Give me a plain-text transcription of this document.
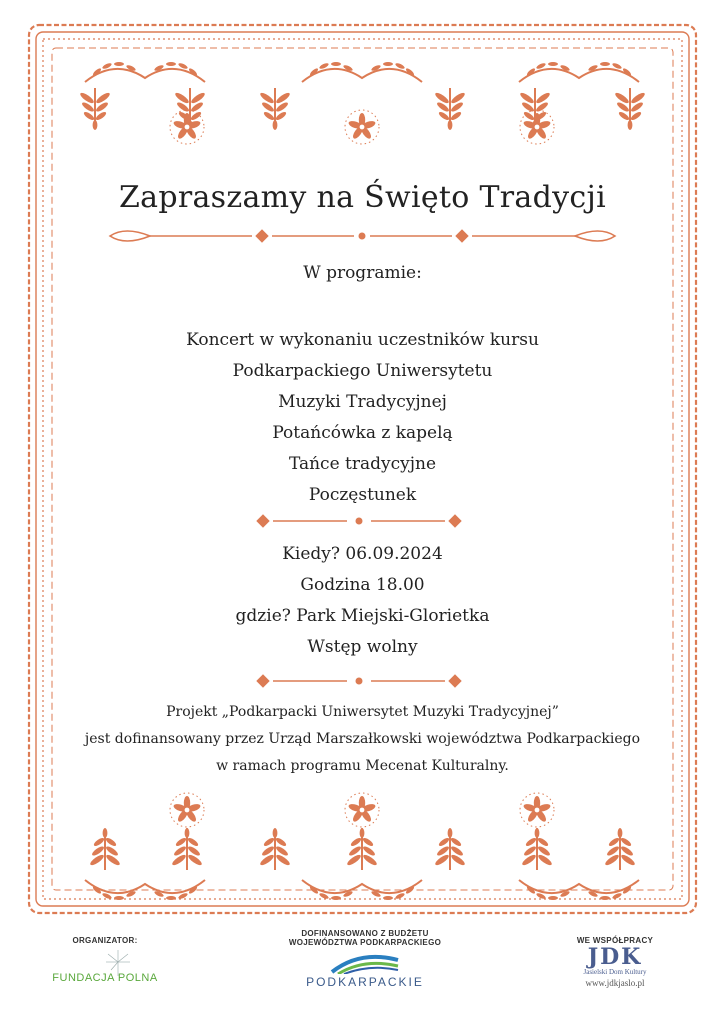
Zapraszamy na Święto Tradycji
W programie:
Koncert w wykonaniu uczestników kursu
Podkarpackiego Uniwersytetu
Muzyki Tradycyjnej
Potańcówka z kapelą
Tańce tradycyjne
Poczęstunek
Kiedy? 06.09.2024
Godzina 18.00
gdzie? Park Miejski-Glorietka
Wstęp wolny
Projekt „Podkarpacki Uniwersytet Muzyki Tradycyjnej”
jest dofinansowany przez Urząd Marszałkowski województwa Podkarpackiego
w ramach programu Mecenat Kulturalny.
ORGANIZATOR:
FUNDACJA POLNA
DOFINANSOWANO Z BUDŻETU
WOJEWÓDZTWA PODKARPACKIEGO
PODKARPACKIE
WE WSPÓŁPRACY
JDK
Jasielski Dom Kultury
www.jdkjaslo.pl
